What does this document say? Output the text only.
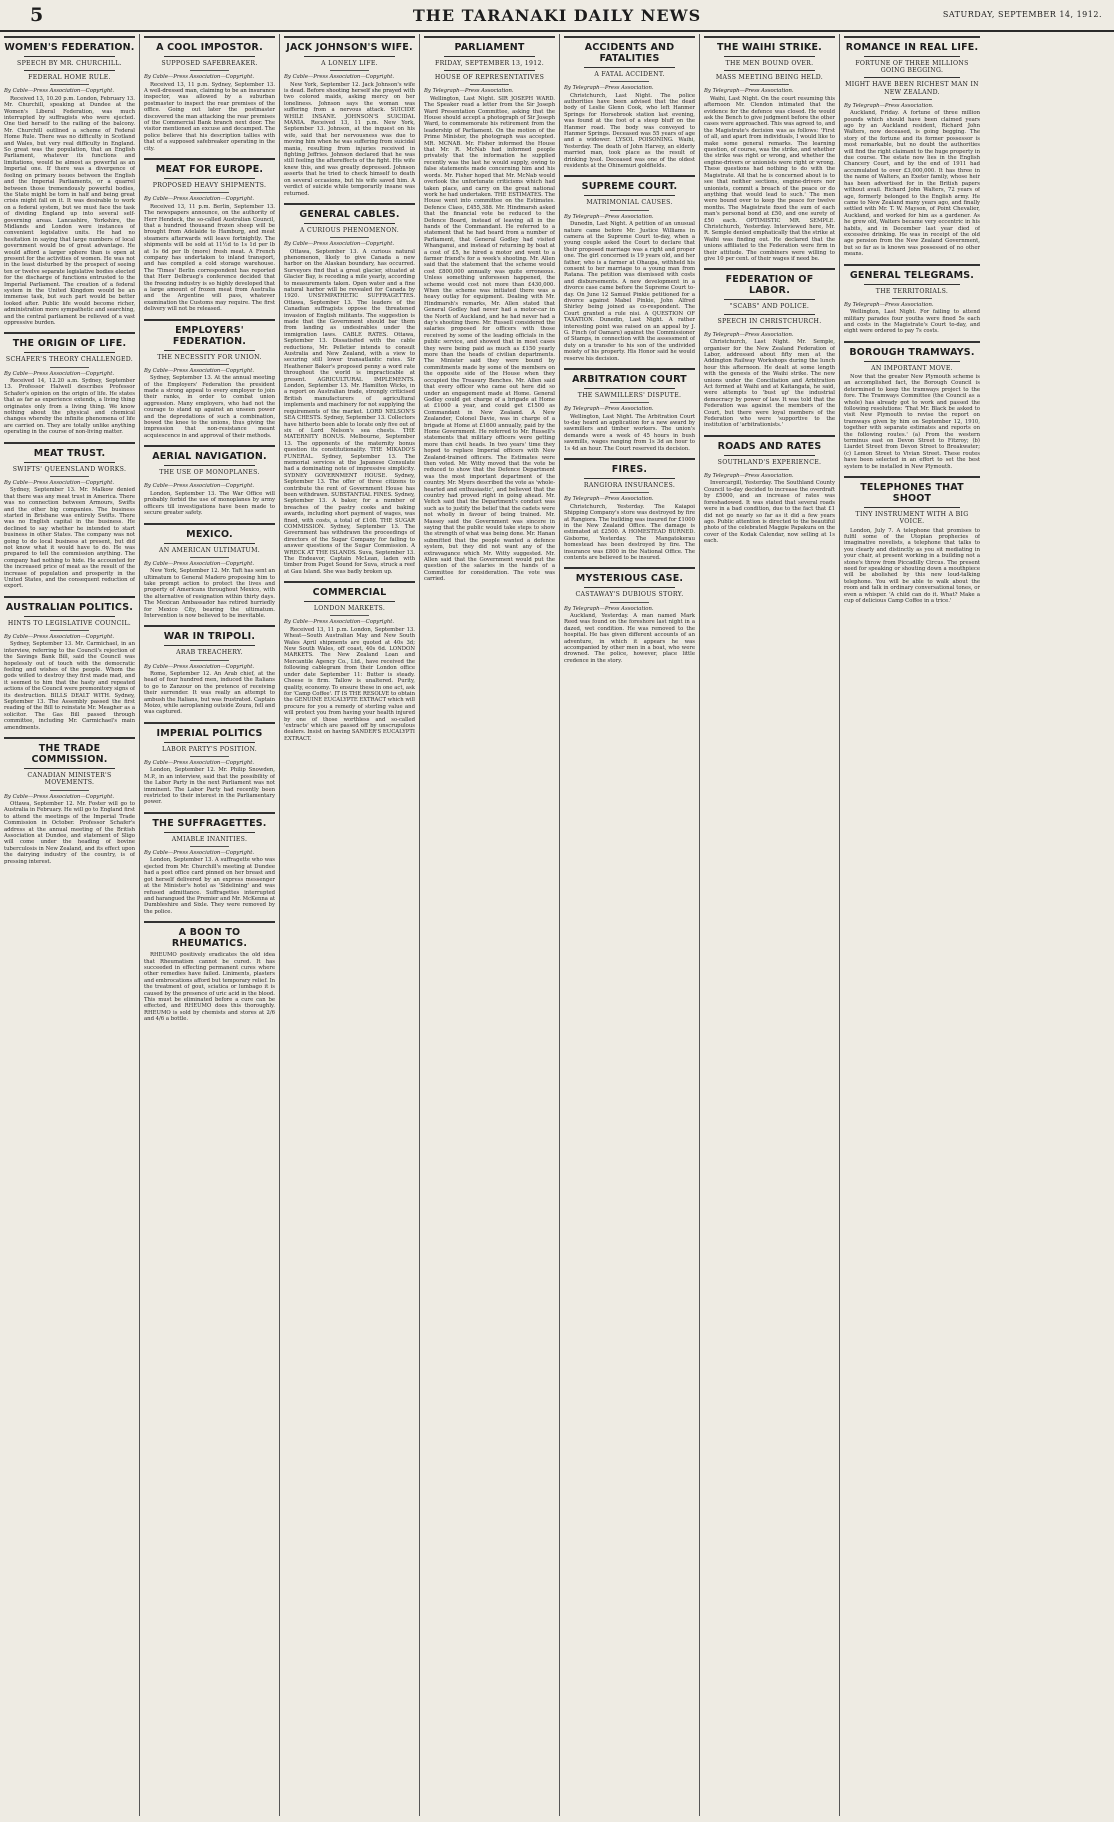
5	THE TARANAKI DAILY NEWS	SATURDAY, SEPTEMBER 14, 1912.
WOMEN'S FEDERATION.
SPEECH BY MR. CHURCHILL.
FEDERAL HOME RULE.
By Cable—Press Association—Copyright.

Received 13, 10.20 p.m. London, February 13. Mr. Churchill, speaking at Dundee at the Women's Liberal Federation, was much interrupted by suffragists who were ejected. One tied herself to the railing of the balcony. Mr. Churchill outlined a scheme of Federal Home Rule. There was no difficulty in Scotland and Wales, but very real difficulty in England. So great was the population, that an English Parliament, whatever its functions and limitations, would be almost as powerful as an Imperial one. If there was a divergence of feeling on primary issues between the English and the Imperial Parliaments, or a quarrel between those tremendously powerful bodies, the State might be torn in half and being great crisis might fall on it. It was desirable to work on a federal system, but we must face the task of dividing England up into several self-governing areas. Lancashire, Yorkshire, the Midlands and London were instances of convenient legislative units. He had no hesitation in saying that large numbers of local government would be of great advantage. He would afford a larger sphere than is open at present for the activities of women. He was not in the least disturbed by the prospect of seeing ten or twelve separate legislative bodies elected for the discharge of functions entrusted to the Imperial Parliament. The creation of a federal system in the United Kingdom would be an immense task, but such part would be better looked after. Public life would become richer, administration more sympathetic and searching, and the central parliament be relieved of a vast oppressive burden.

THE ORIGIN OF LIFE.
SCHAFER'S THEORY CHALLENGED.
By Cable—Press Association—Copyright.

Received 14, 12.20 a.m. Sydney, September 13. Professor Halwell describes Professor Schafer's opinion on the origin of life. He states that as far as experience extends, a living thing originates only from a living thing. We know nothing about the physical and chemical changes whereby the infinite phenomena of life are carried on. They are totally unlike anything operating in the course of non-living matter.

MEAT TRUST.
SWIFTS' QUEENSLAND WORKS.
By Cable—Press Association—Copyright.

Sydney, September 13. Mr. Malkow denied that there was any meat trust in America. There was no connection between Armours, Swifts and the other big companies. The business started in Brisbane was entirely Swifts. There was no English capital in the business. He declined to say whether he intended to start business in other States. The company was not going to do local business at present, but did not know what it would have to do. He was prepared to tell the commission anything. The company had nothing to hide. He accounted for the increased price of meat as the result of the increase of population and prosperity in the United States, and the consequent reduction of export.

AUSTRALIAN POLITICS.
HINTS TO LEGISLATIVE COUNCIL.
By Cable—Press Association—Copyright.

Sydney, September 13. Mr. Carmichael, in an interview, referring to the Council's rejection of the Savings Bank Bill, said the Council was hopelessly out of touch with the democratic feeling and wishes of the people. Whom the gods willed to destroy they first made mad, and it seemed to him that the hasty and repeated actions of the Council were premonitory signs of its destruction. BILLS DEALT WITH. Sydney, September 13. The Assembly passed the first reading of the Bill to reinstate Mr. Meagher as a solicitor. The Gas Bill passed through committee, including Mr. Carmichael's main amendments.

THE TRADE COMMISSION.
CANADIAN MINISTER'S MOVEMENTS.
By Cable—Press Association—Copyright.

Ottawa, September 12. Mr. Foster will go to Australia in February. He will go to England first to attend the meetings of the Imperial Trade Commission in October. Professor Schafer's address at the annual meeting of the British Association at Dundee, and statement of Sligo will come under the heading of bovine tuberculosis in New Zealand, and its effect upon the dairying industry of the country, is of pressing interest.

A COOL IMPOSTOR.
SUPPOSED SAFEBREAKER.
By Cable—Press Association—Copyright.

Received 13, 11 p.m. Sydney, September 13. A well-dressed man, claiming to be an insurance inspector, was allowed by a suburban postmaster to inspect the rear premises of the office. Going out later the postmaster discovered the man attacking the rear premises of the Commercial Bank branch next door. The visitor mentioned an excuse and decamped. The police believe that his description tallies with that of a supposed safebreaker operating in the city.

MEAT FOR EUROPE.
PROPOSED HEAVY SHIPMENTS.
By Cable—Press Association—Copyright.

Received 13, 11 p.m. Berlin, September 13. The newspapers announce, on the authority of Herr Hendeck, the so-called Australian Council, that a hundred thousand frozen sheep will be brought from Adelaide to Hamburg, and meat steamers afterwards will leave fortnightly. The shipments will be sold at 11½d to 1s 1d per lb at 1s 6d per lb (more) fresh meat. A French company has undertaken to inland transport, and has compiled a cold storage warehouse. The 'Times' Berlin correspondent has reported that Herr Delbrueg's conference decided that the freezing industry is so highly developed that a large amount of frozen meat from Australia and the Argentine will pass, whatever examination the Customs may require. The first delivery will not be released.

EMPLOYERS' FEDERATION.
THE NECESSITY FOR UNION.
By Cable—Press Association—Copyright.

Sydney, September 13. At the annual meeting of the Employers' Federation the president made a strong appeal to every employer to join their ranks, in order to combat union aggression. Many employers, who had not the courage to stand up against an unseen power and the depredations of such a combination, bowed the knee to the unions, thus giving the impression that non-resistance meant acquiescence in and approval of their methods.

AERIAL NAVIGATION.
THE USE OF MONOPLANES.
By Cable—Press Association—Copyright.

London, September 13. The War Office will probably forbid the use of monoplanes by army officers till investigations have been made to secure greater safety.

MEXICO.
AN AMERICAN ULTIMATUM.
By Cable—Press Association—Copyright.

New York, September 12. Mr. Taft has sent an ultimatum to General Madero proposing him to take prompt action to protect the lives and property of Americans throughout Mexico, with the alternative of resignation within thirty days. The Mexican Ambassador has retired hurriedly for Mexico City, bearing the ultimatum. Intervention is now believed to be inevitable.

WAR IN TRIPOLI.
ARAB TREACHERY.
By Cable—Press Association—Copyright.

Rome, September 12. An Arab chief, at the head of four hundred men, induced the Italians to go to Zanzour on the pretence of receiving their surrender. It was really an attempt to ambush the Italians, but was frustrated. Captain Moizo, while aeroplaning outside Zoura, fell and was captured.

IMPERIAL POLITICS
LABOR PARTY'S POSITION.
By Cable—Press Association—Copyright.

London, September 12. Mr. Philip Snowden, M.P., in an interview, said that the possibility of the Labor Party in the next Parliament was not imminent. The Labor Party had recently been restricted to their interest in the Parliamentary power.

THE SUFFRAGETTES.
AMIABLE INANITIES.
By Cable—Press Association—Copyright.

London, September 13. A suffragette who was ejected from Mr. Churchill's meeting at Dundee had a post office card pinned on her breast and got herself delivered by an express messenger at the Minister's hotel as 'Sidelining' and was refused admittance. Suffragettes interrupted and harangued the Premier and Mr. McKenna at Dumbleshire and Sixle. They were removed by the police.

A BOON TO RHEUMATICS.

RHEUMO positively eradicates the old idea that Rheumatism cannot be cured. It has succeeded in effecting permanent cures where other remedies have failed. Liniments, plasters and embrocations afford but temporary relief. In the treatment of gout, sciatica or lumbago it is caused by the presence of uric acid in the blood. This must be eliminated before a cure can be effected, and RHEUMO does this thoroughly. RHEUMO is sold by chemists and stores at 2/6 and 4/6 a bottle.

JACK JOHNSON'S WIFE.
A LONELY LIFE.
By Cable—Press Association—Copyright.

New York, September 12. Jack Johnson's wife is dead. Before shooting herself she prayed with two colored maids, asking mercy on her loneliness. Johnson says the woman was suffering from a nervous attack. SUICIDE WHILE INSANE. JOHNSON'S SUICIDAL MANIA. Received 13, 11 p.m. New York, September 13. Johnson, at the inquest on his wife, said that her nervousness was due to moving him when he was suffering from suicidal mania, resulting from injuries received in fighting Jeffries. Johnson declared that he was still feeling the aftereffects of the fight. His wife knew this, and was greatly depressed. Johnson asserts that he tried to check himself to death on several occasions, but his wife saved him. A verdict of suicide while temporarily insane was returned.

GENERAL CABLES.
A CURIOUS PHENOMENON.
By Cable—Press Association—Copyright.

Ottawa, September 13. A curious natural phenomenon, likely to give Canada a new harbor on the Alaskan boundary, has occurred. Surveyors find that a great glacier, situated at Glacier Bay, is receding a mile yearly, according to measurements taken. Open water and a fine natural harbor will be revealed for Canada by 1920. UNSYMPATHETIC SUFFRAGETTES. Ottawa, September 13. The leaders of the Canadian suffragists oppose the threatened invasion of English militants. The suggestion is made that the Government should bar them from landing as undesirables under the immigration laws. CABLE RATES. Ottawa, September 13. Dissatisfied with the cable reductions, Mr. Pelletier intends to consult Australia and New Zealand, with a view to securing still lower transatlantic rates. Sir Heathener Baker's proposed penny a word rate throughout the world is impracticable at present. AGRICULTURAL IMPLEMENTS. London, September 13. Mr. Hamilton Wicks, in a report on Australian trade, strongly criticised British manufacturers of agricultural implements and machinery for not supplying the requirements of the market. LORD NELSON'S SEA CHESTS. Sydney, September 13. Collectors have hitherto been able to locate only five out of six of Lord Nelson's sea chests. THE MATERNITY BONUS. Melbourne, September 13. The opponents of the maternity bonus question its constitutionality. THE MIKADO'S FUNERAL. Sydney, September 13. The memorial services at the Japanese Consulate had a dominating note of impressive simplicity. SYDNEY GOVERNMENT HOUSE. Sydney, September 13. The offer of three citizens to contribute the rent of Government House has been withdrawn. SUBSTANTIAL FINES. Sydney, September 13. A baker, for a number of breaches of the pastry cooks and baking awards, including short payment of wages, was fined, with costs, a total of £108. THE SUGAR COMMISSION. Sydney, September 13. The Government has withdrawn the proceedings of directors of the Sugar Company for failing to answer questions of the Sugar Commission. A WRECK AT THE ISLANDS. Suva, September 13. The Endeavor, Captain McLean, laden with timber from Puget Sound for Suva, struck a reef at Gau Island. She was badly broken up.

COMMERCIAL
LONDON MARKETS.
By Cable—Press Association—Copyright.

Received 13, 11 p.m. London, September 13. Wheat—South Australian May and New South Wales April shipments are quoted at 40s 3d; New South Wales, off coast, 40s 6d. LONDON MARKETS. The New Zealand Loan and Mercantile Agency Co., Ltd., have received the following cablegram from their London office under date September 11: Butter is steady. Cheese is firm. Tallow is unaltered. Purity, quality, economy. To ensure these in one act, ask for 'Camp Coffee'. IT IS THE RESOLVE to obtain the GENUINE EUCALYPTE EXTRACT which will procure for you a remedy of sterling value and will protect you from having your health injured by one of those worthless and so-called 'extracts' which are passed off by unscrupulous dealers. Insist on having SANDER'S EUCALYPTI EXTRACT.

PARLIAMENT
FRIDAY, SEPTEMBER 13, 1912.
HOUSE OF REPRESENTATIVES
By Telegraph—Press Association.

Wellington, Last Night. SIR JOSEPH WARD. The Speaker read a letter from the Sir Joseph Ward Presentation Committee, asking that the House should accept a photograph of Sir Joseph Ward, to commemorate his retirement from the leadership of Parliament. On the motion of the Prime Minister, the photograph was accepted. MR. MCNAB. Mr. Fisher informed the House that Mr. R. McNab had informed people privately that the information he supplied recently was the last he would supply, owing to false statements made concerning him and his words. Mr. Fisher hoped that Mr. McNab would overlook the unfortunate criticisms which had taken place, and carry on the great national work he had undertaken. THE ESTIMATES. The House went into committee on the Estimates. Defence Class, £455,388. Mr. Hindmarsh asked that the financial vote be reduced to the Defence Board, instead of leaving all in the hands of the Commandant. He referred to a statement that he had heard from a number of Parliament, that General Godley had visited Whanganui, and instead of returning by boat at a cost of £5, he hired a motor and went to a farmer friend's for a week's shooting. Mr. Allen said that the statement that the scheme would cost £800,000 annually was quite erroneous. Unless something unforeseen happened, the scheme would cost not more than £430,000. When the scheme was initiated there was a heavy outlay for equipment. Dealing with Mr. Hindmarsh's remarks, Mr. Allen stated that General Godley had never had a motor-car in the North of Auckland, and he had never had a day's shooting there. Mr. Russell considered the salaries proposed for officers with those received by some of the leading officials in the public service, and showed that in most cases they were being paid as much as £150 yearly more than the heads of civilian departments. The Minister said they were bound by commitments made by some of the members on the opposite side of the House when they occupied the Treasury Benches. Mr. Allen said that every officer who came out here did so under an engagement made at Home. General Godley could get charge of a brigade at Home at £1000 a year, and could get £1500 as Commandant in New Zealand. A New Zealander, Colonel Davie, was in charge of a brigade at Home at £1600 annually, paid by the Home Government. He referred to Mr. Russell's statements that military officers were getting more than civil heads. In two years' time they hoped to replace Imperial officers with New Zealand-trained officers. The Estimates were then voted. Mr. Witty moved that the vote be reduced to show that the Defence Department was the most important department of the country. Mr. Myers described the vote as 'whole-hearted and enthusiastic', and believed that the country had proved right in going ahead. Mr. Veitch said that the Department's conduct was such as to justify the belief that the cadets were not wholly in favour of being trained. Mr. Massey said the Government was sincere in saying that the public would take steps to show the strength of what was being done. Mr. Hanan submitted that the people wanted a defence system, but they did not want any of the extravagance which Mr. Witty suggested. Mr. Allen said that the Government would put the question of the salaries in the hands of a Committee for consideration. The vote was carried.

ACCIDENTS AND FATALITIES
A FATAL ACCIDENT.
By Telegraph—Press Association.

Christchurch, Last Night. The police authorities have been advised that the dead body of Leslie Glenn Cook, who left Hanmer Springs for Horsebrook station last evening, was found at the foot of a steep bluff on the Hanmer road. The body was conveyed to Hanmer Springs. Deceased was 55 years of age and a widower. LYSOL POISONING. Waihi, Yesterday. The death of John Harvey, an elderly married man, took place as the result of drinking lysol. Deceased was one of the oldest residents at the Ohinemuri goldfields.

SUPREME COURT.
MATRIMONIAL CAUSES.
By Telegraph—Press Association.

Dunedin, Last Night. A petition of an unusual nature came before Mr. Justice Williams in camera at the Supreme Court to-day, when a young couple asked the Court to declare that their proposed marriage was a right and proper one. The girl concerned is 19 years old, and her father, who is a farmer at Ohaupa, withheld his consent to her marriage to a young man from Ratana. The petition was dismissed with costs and disbursements. A new development in a divorce case came before the Supreme Court to-day. On June 12 Samuel Pinkie petitioned for a divorce against Mabel Pinkie, John Alfred Shirley being joined as co-respondent. The Court granted a rule nisi. A QUESTION OF TAXATION. Dunedin, Last Night. A rather interesting point was raised on an appeal by J. G. Finch (of Oamaru) against the Commissioner of Stamps, in connection with the assessment of duty on a transfer to his son of the undivided moiety of his property. His Honor said he would reserve his decision.

ARBITRATION COURT
THE SAWMILLERS' DISPUTE.
By Telegraph—Press Association.

Wellington, Last Night. The Arbitration Court to-day heard an application for a new award by sawmillers and timber workers. The union's demands were a week of 45 hours in bush sawmills, wages ranging from 1s 3d an hour to 1s 4d an hour. The Court reserved its decision.

FIRES.
RANGIORA INSURANCES.
By Telegraph—Press Association.

Christchurch, Yesterday. The Kaiapoi Shipping Company's store was destroyed by fire at Rangiora. The building was insured for £1000 in the New Zealand Office. The damage is estimated at £2500. A HOMESTEAD BURNED. Gisborne, Yesterday. The Mangatokerau homestead has been destroyed by fire. The insurance was £800 in the National Office. The contents are believed to be insured.

MYSTERIOUS CASE.
CASTAWAY'S DUBIOUS STORY.
By Telegraph—Press Association.

Auckland, Yesterday. A man named Mark Reed was found on the foreshore last night in a dazed, wet condition. He was removed to the hospital. He has given different accounts of an adventure, in which it appears he was accompanied by other men in a boat, who were drowned. The police, however, place little credence in the story.

THE WAIHI STRIKE.
THE MEN BOUND OVER.
MASS MEETING BEING HELD.
By Telegraph—Press Association.

Waihi, Last Night. On the court resuming this afternoon Mr. Clendon intimated that the evidence for the defence was closed. He would ask the Bench to give judgment before the other cases were approached. This was agreed to, and the Magistrate's decision was as follows: 'First of all, and apart from individuals, I would like to make some general remarks. The learning question, of course, was the strike, and whether the strike was right or wrong, and whether the engine-drivers or unionists were right or wrong. These questions had nothing to do with the Magistrate. All that he is concerned about is to see that neither sections, engine-drivers nor unionists, commit a breach of the peace or do anything that would lead to such.' The men were bound over to keep the peace for twelve months. The Magistrate fixed the sum of each man's personal bond at £50, and one surety of £50 each. OPTIMISTIC MR. SEMPLE. Christchurch, Yesterday. Interviewed here, Mr. R. Semple denied emphatically that the strike at Waihi was finding out. He declared that the unions affiliated to the Federation were firm in their attitude. The combiners were willing to give 10 per cent. of their wages if need be.

FEDERATION OF LABOR.
"SCABS" AND POLICE.
SPEECH IN CHRISTCHURCH.
By Telegraph—Press Association.

Christchurch, Last Night. Mr. Semple, organiser for the New Zealand Federation of Labor, addressed about fifty men at the Addington Railway Workshops during the lunch hour this afternoon. He dealt at some length with the genesis of the Waihi strike. The new unions under the Conciliation and Arbitration Act formed at Waihi and at Kaitangata, he said, were attempts to 'bust up' the industrial democracy by power of law. It was told that the Federation was against the members of the Court, but there were loyal members of the Federation who were 'supportive to the institution of 'arbitrationists.'

ROADS AND RATES
SOUTHLAND'S EXPERIENCE.
By Telegraph—Press Association.

Invercargill, Yesterday. The Southland County Council to-day decided to increase the overdraft by £5000, and an increase of rates was foreshadowed. It was stated that several roads were in a bad condition, due to the fact that £1 did not go nearly so far as it did a few years ago. Public attention is directed to the beautiful photo of the celebrated Maggie Papakura on the cover of the Kodak Calendar, now selling at 1s each.

ROMANCE IN REAL LIFE.
FORTUNE OF THREE MILLIONS GOING BEGGING.
MIGHT HAVE BEEN RICHEST MAN IN NEW ZEALAND.
By Telegraph—Press Association.

Auckland, Friday. A fortune of three million pounds which should have been claimed years ago by an Auckland resident, Richard John Walters, now deceased, is going begging. The story of the fortune and its former possessor is most remarkable, but no doubt the authorities will find the right claimant to the huge property in due course. The estate now lies in the English Chancery Court, and by the end of 1911 had accumulated to over £3,000,000. It has three in the name of Walters, an Exeter family, whose heir has been advertised for in the British papers without avail. Richard John Walters, 72 years of age, formerly belonged to the English army. He came to New Zealand many years ago, and finally settled with Mr. T. W. Mayson, of Point Chevalier, Auckland, and worked for him as a gardener. As he grew old, Walters became very eccentric in his habits, and in December last year died of excessive drinking. He was in receipt of the old age pension from the New Zealand Government, but so far as is known was possessed of no other means.

GENERAL TELEGRAMS.
THE TERRITORIALS.
By Telegraph—Press Association.

Wellington, Last Night. For failing to attend military parades four youths were fined 5s each and costs in the Magistrate's Court to-day, and eight were ordered to pay 7s costs.

BOROUGH TRAMWAYS.
AN IMPORTANT MOVE.

Now that the greater New Plymouth scheme is an accomplished fact, the Borough Council is determined to keep the tramways project to the fore. The Tramways Committee (the Council as a whole) has already got to work and passed the following resolutions: 'That Mr. Black be asked to visit New Plymouth to revise the report on tramways given by him on September 12, 1910, together with separate estimates and reports on the following routes.' (a) From the western terminus east on Devon Street to Fitzroy; (b) Liardet Street from Devon Street to Breakwater; (c) Lemon Street to Vivian Street. These routes have been selected in an effort to set the best system to be installed in New Plymouth.

TELEPHONES THAT SHOOT
TINY INSTRUMENT WITH A BIG VOICE.

London, July 7. A telephone that promises to fulfil some of the Utopian prophecies of imaginative novelists, a telephone that talks to you clearly and distinctly as you sit mediating in your chair, at present working in a building not a stone's throw from Piccadilly Circus. The present need for speaking or shouting down a mouthpiece will be abolished by this new loud-talking telephone. You will be able to walk about the room and talk in ordinary conversational tones, or even a whisper. 'A child can do it. What? Make a cup of delicious Camp Coffee in a trice.'
